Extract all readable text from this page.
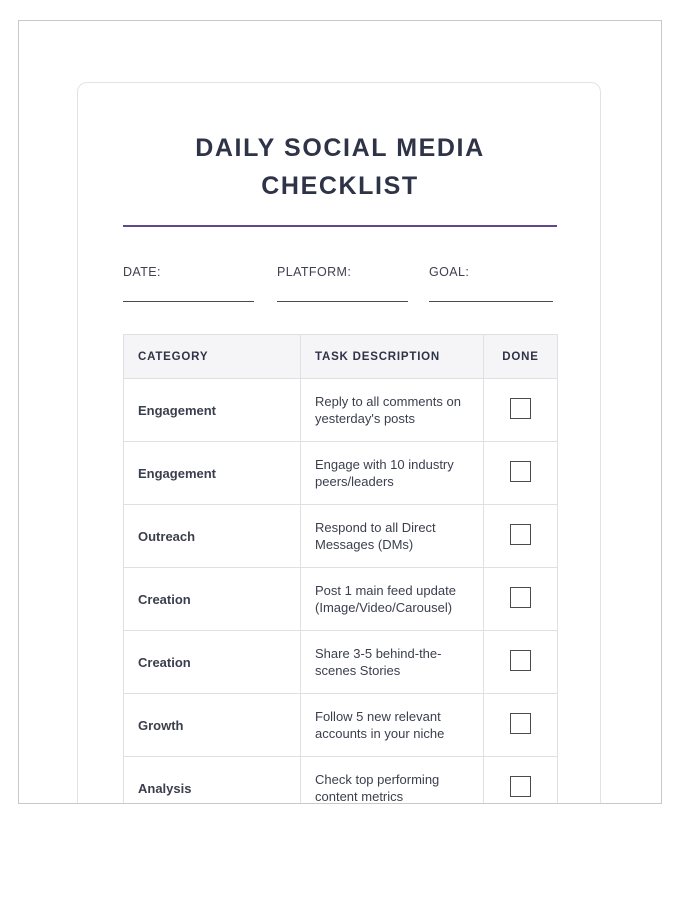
DAILY SOCIAL MEDIA CHECKLIST
DATE:	PLATFORM:	GOAL:
CATEGORY	TASK DESCRIPTION	DONE
Engagement	Reply to all comments on yesterday's posts	
Engagement	Engage with 10 industry peers/leaders	
Outreach	Respond to all Direct Messages (DMs)	
Creation	Post 1 main feed update (Image/Video/Carousel)	
Creation	Share 3-5 behind-the-scenes Stories	
Growth	Follow 5 new relevant accounts in your niche	
Analysis	Check top performing content metrics	
